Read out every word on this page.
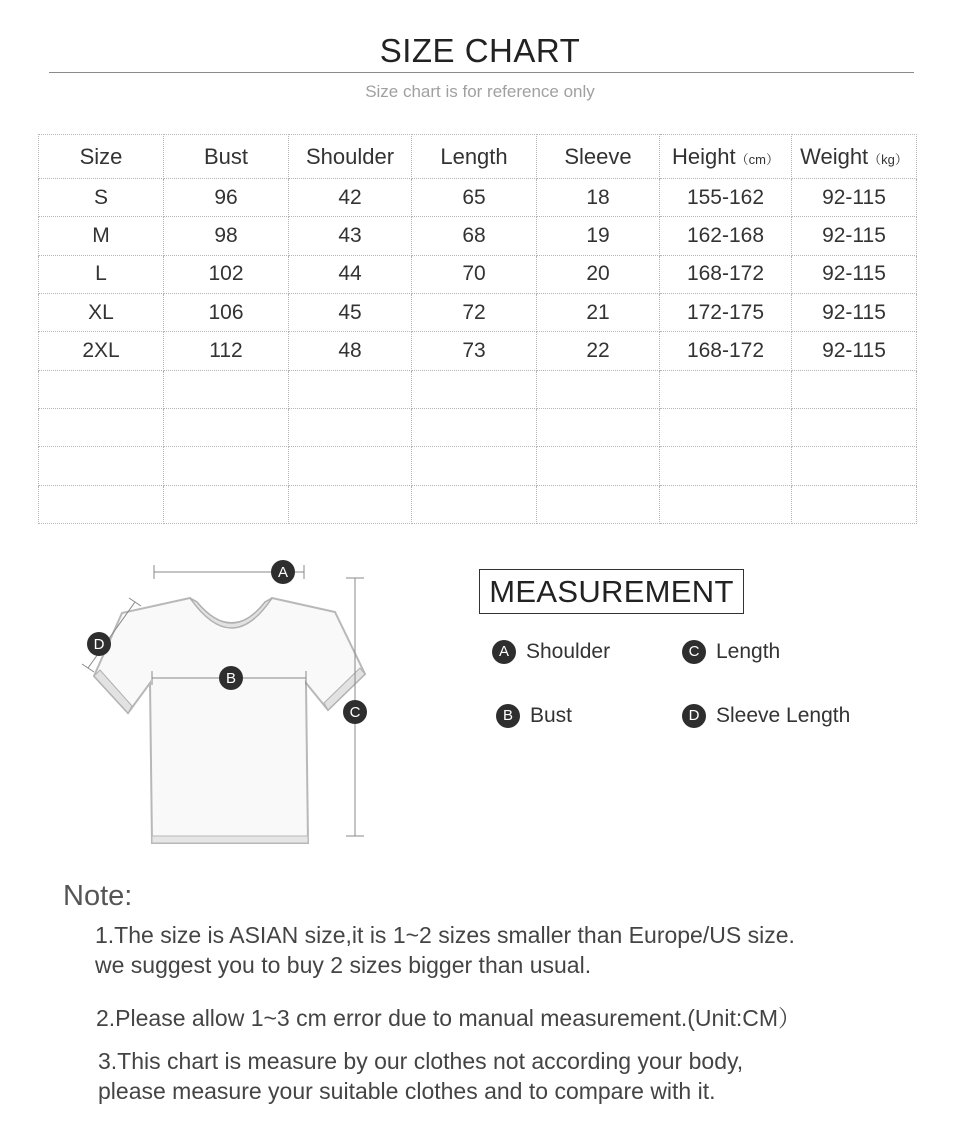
SIZE CHART
Size chart is for reference only
Size	Bust	Shoulder	Length	Sleeve	Height（cm）	Weight（kg）
S	96	42	65	18	155-162	92-115
M	98	43	68	19	162-168	92-115
L	102	44	70	20	168-172	92-115
XL	106	45	72	21	172-175	92-115
2XL	112	48	73	22	168-172	92-115

A
B
C
D
MEASUREMENT
A Shoulder	C Length
B Bust	D Sleeve Length
Note:
1.The size is ASIAN size,it is 1~2 sizes smaller than Europe/US size.
we suggest you to buy 2 sizes bigger than usual.
2.Please allow 1~3 cm error due to manual measurement.(Unit:CM）
3.This chart is measure by our clothes not according your body,
please measure your suitable clothes and to compare with it.
